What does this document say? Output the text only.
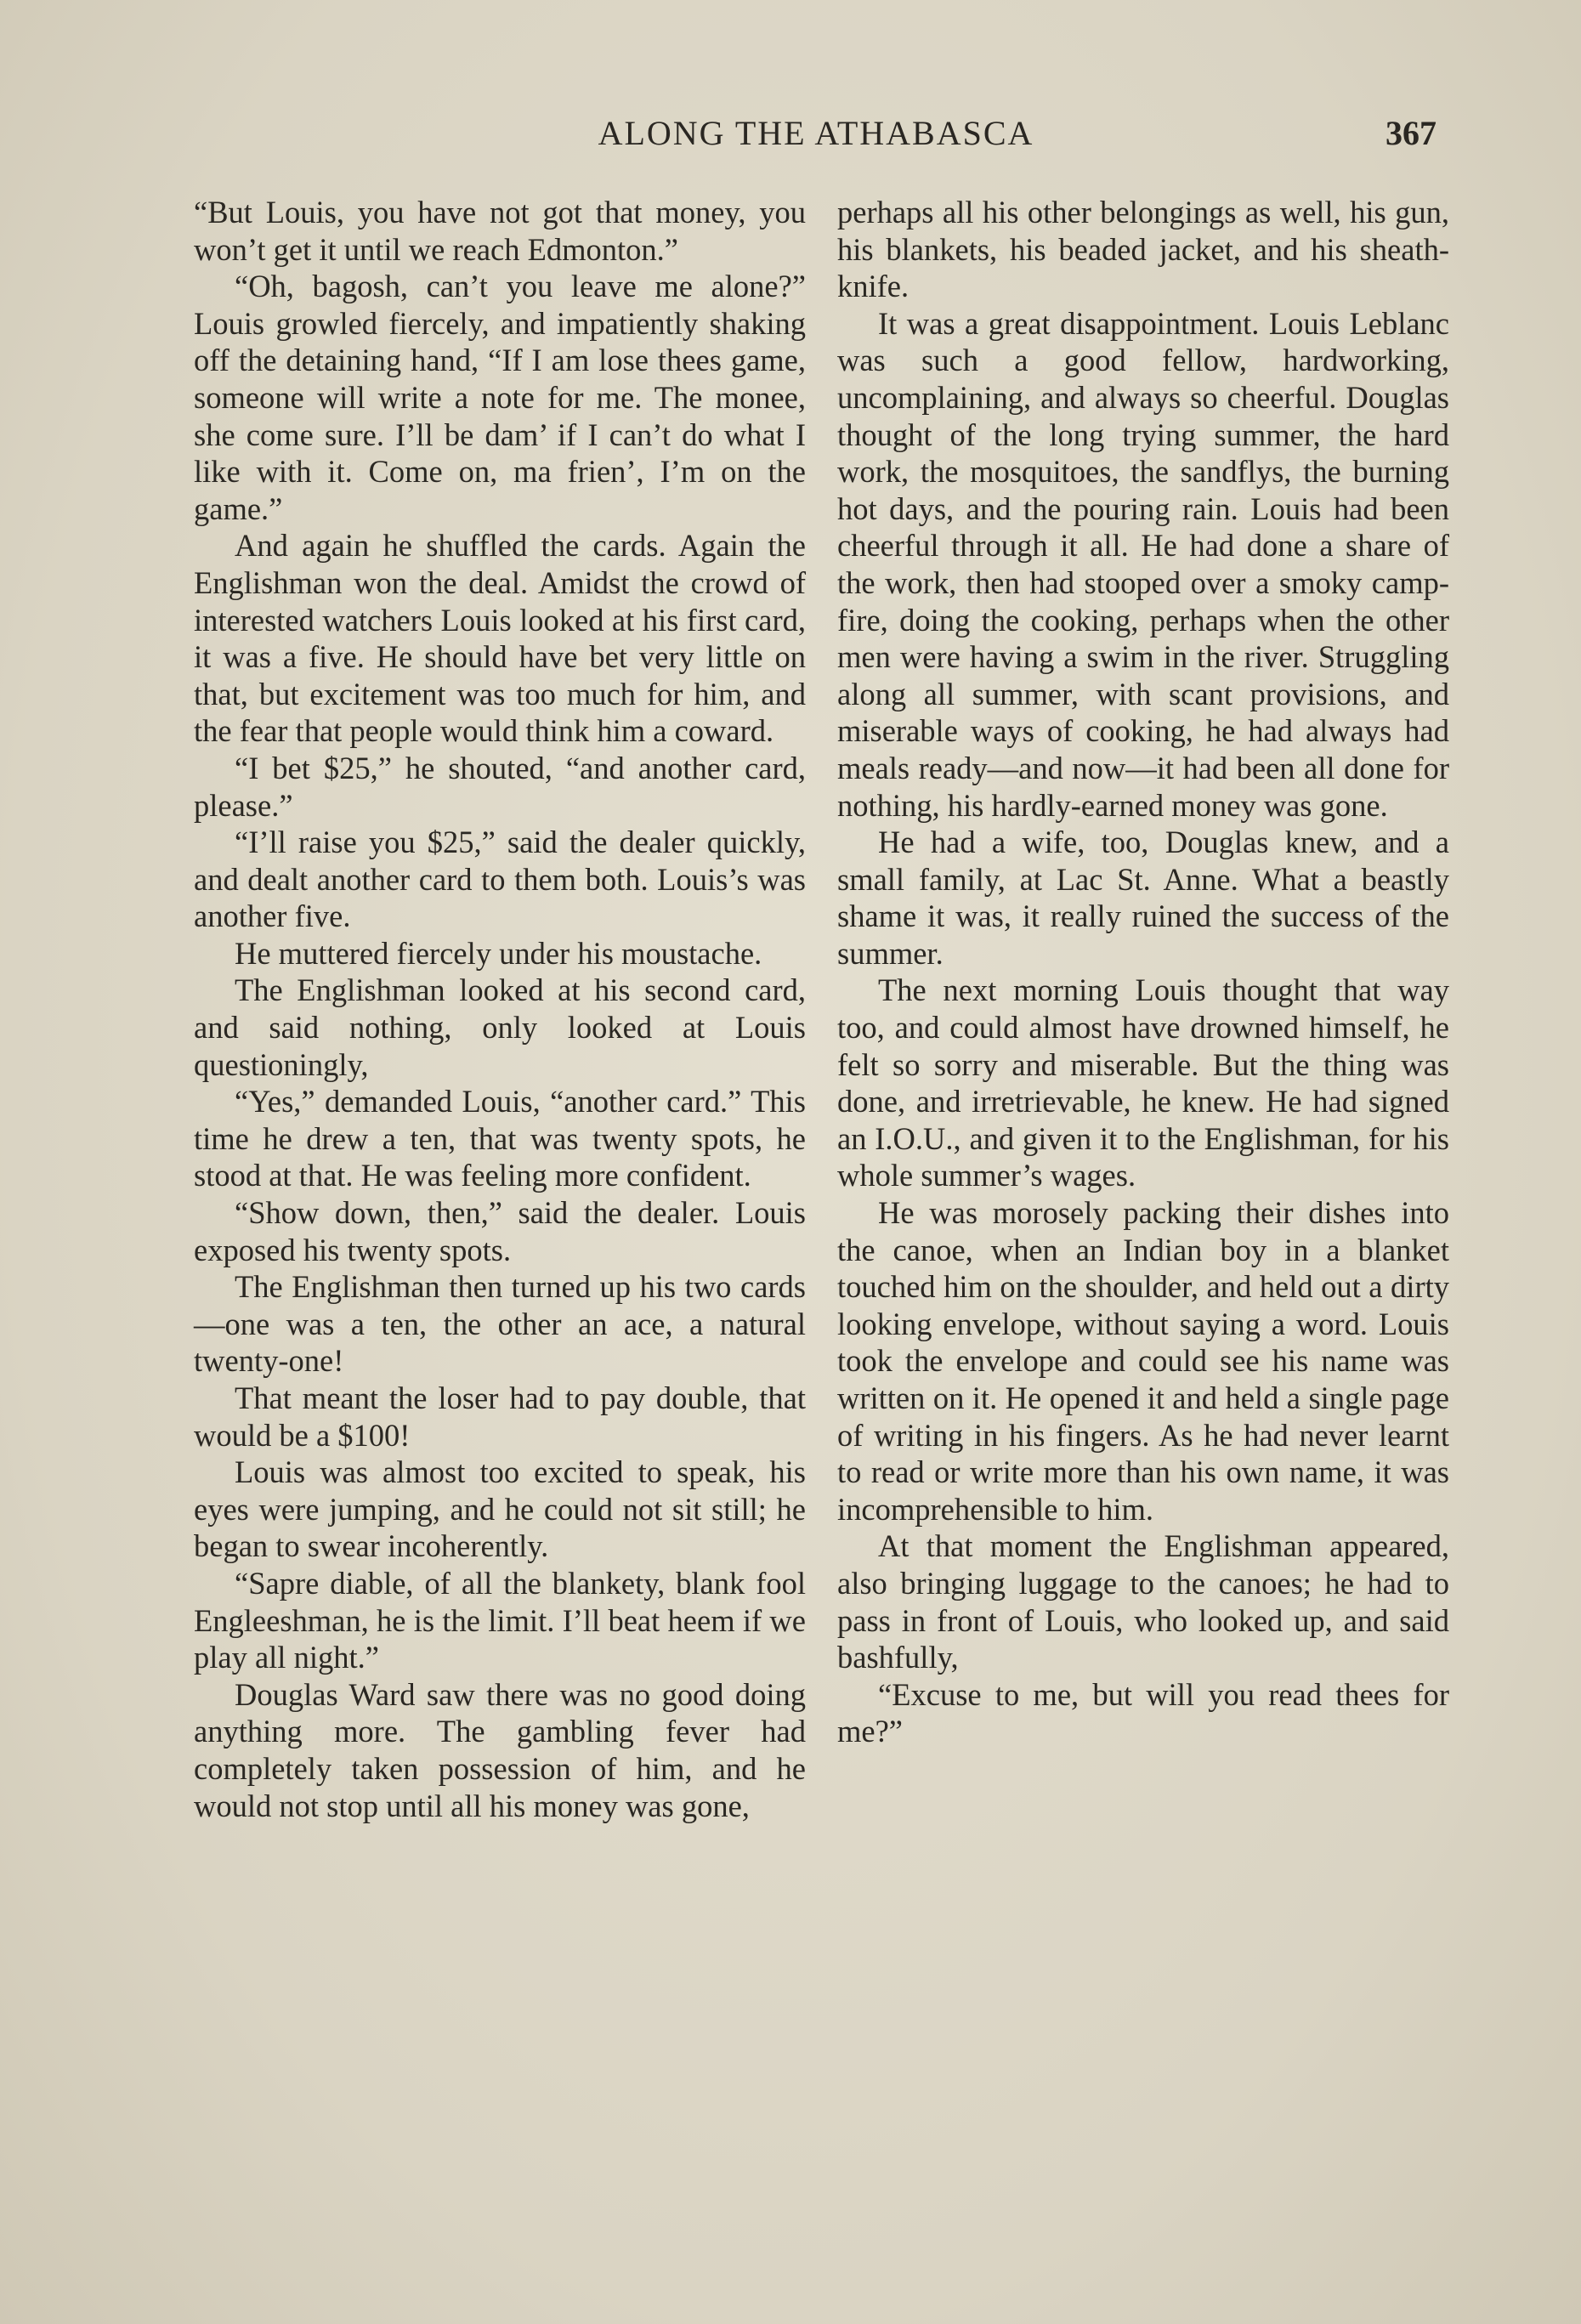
ALONG THE ATHABASCA	367

“But Louis, you have not got that money, you won’t get it until we reach Edmonton.”

“Oh, bagosh, can’t you leave me alone?” Louis growled fiercely, and impatiently shaking off the detaining hand, “If I am lose thees game, someone will write a note for me. The monee, she come sure. I’ll be dam’ if I can’t do what I like with it. Come on, ma frien’, I’m on the game.”

And again he shuffled the cards. Again the Englishman won the deal. Amidst the crowd of interested watchers Louis looked at his first card, it was a five. He should have bet very little on that, but excitement was too much for him, and the fear that people would think him a coward.

“I bet $25,” he shouted, “and another card, please.”

“I’ll raise you $25,” said the dealer quickly, and dealt another card to them both. Louis’s was another five.

He muttered fiercely under his moustache.

The Englishman looked at his second card, and said nothing, only looked at Louis questioningly,

“Yes,” demanded Louis, “another card.” This time he drew a ten, that was twenty spots, he stood at that. He was feeling more confident.

“Show down, then,” said the dealer. Louis exposed his twenty spots.

The Englishman then turned up his two cards—one was a ten, the other an ace, a natural twenty-one!

That meant the loser had to pay double, that would be a $100!

Louis was almost too excited to speak, his eyes were jumping, and he could not sit still; he began to swear incoherently.

“Sapre diable, of all the blankety, blank fool Engleeshman, he is the limit. I’ll beat heem if we play all night.”

Douglas Ward saw there was no good doing anything more. The gambling fever had completely taken possession of him, and he would not stop until all his money was gone,

perhaps all his other belongings as well, his gun, his blankets, his beaded jacket, and his sheath-knife.

It was a great disappointment. Louis Leblanc was such a good fellow, hardworking, uncomplaining, and always so cheerful. Douglas thought of the long trying summer, the hard work, the mosquitoes, the sandflys, the burning hot days, and the pouring rain. Louis had been cheerful through it all. He had done a share of the work, then had stooped over a smoky camp-fire, doing the cooking, perhaps when the other men were having a swim in the river. Struggling along all summer, with scant provisions, and miserable ways of cooking, he had always had meals ready—and now—it had been all done for nothing, his hardly-earned money was gone.

He had a wife, too, Douglas knew, and a small family, at Lac St. Anne. What a beastly shame it was, it really ruined the success of the summer.

The next morning Louis thought that way too, and could almost have drowned himself, he felt so sorry and miserable. But the thing was done, and irretrievable, he knew. He had signed an I.O.U., and given it to the Englishman, for his whole summer’s wages.

He was morosely packing their dishes into the canoe, when an Indian boy in a blanket touched him on the shoulder, and held out a dirty looking envelope, without saying a word. Louis took the envelope and could see his name was written on it. He opened it and held a single page of writing in his fingers. As he had never learnt to read or write more than his own name, it was incomprehensible to him.

At that moment the Englishman appeared, also bringing luggage to the canoes; he had to pass in front of Louis, who looked up, and said bashfully,

“Excuse to me, but will you read thees for me?”
